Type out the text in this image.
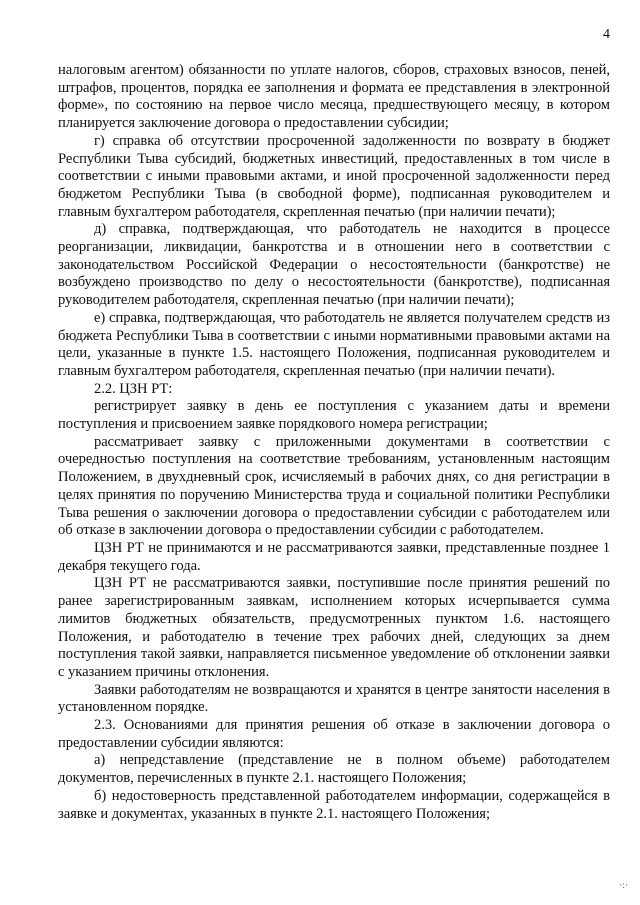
4

налоговым агентом) обязанности по уплате налогов, сборов, страховых взносов, пеней, штрафов, процентов, порядка ее заполнения и формата ее представления в электронной форме», по состоянию на первое число месяца, предшествующего месяцу, в котором планируется заключение договора о предоставлении субсидии;

г) справка об отсутствии просроченной задолженности по возврату в бюджет Республики Тыва субсидий, бюджетных инвестиций, предоставленных в том числе в соответствии с иными правовыми актами, и иной просроченной задолженности перед бюджетом Республики Тыва (в свободной форме), подписанная руководителем и главным бухгалтером работодателя, скрепленная печатью (при наличии печати);

д) справка, подтверждающая, что работодатель не находится в процессе реорганизации, ликвидации, банкротства и в отношении него в соответствии с законодательством Российской Федерации о несостоятельности (банкротстве) не возбуждено производство по делу о несостоятельности (банкротстве), подписанная руководителем работодателя, скрепленная печатью (при наличии печати);

е) справка, подтверждающая, что работодатель не является получателем средств из бюджета Республики Тыва в соответствии с иными нормативными правовыми актами на цели, указанные в пункте 1.5. настоящего Положения, подписанная руководителем и главным бухгалтером работодателя, скрепленная печатью (при наличии печати).

2.2. ЦЗН РТ:

регистрирует заявку в день ее поступления с указанием даты и времени поступления и присвоением заявке порядкового номера регистрации;

рассматривает заявку с приложенными документами в соответствии с очередностью поступления на соответствие требованиям, установленным настоящим Положением, в двухдневный срок, исчисляемый в рабочих днях, со дня регистрации в целях принятия по поручению Министерства труда и социальной политики Республики Тыва решения о заключении договора о предоставлении субсидии с работодателем или об отказе в заключении договора о предоставлении субсидии с работодателем.

ЦЗН РТ не принимаются и не рассматриваются заявки, представленные позднее 1 декабря текущего года.

ЦЗН РТ не рассматриваются заявки, поступившие после принятия решений по ранее зарегистрированным заявкам, исполнением которых исчерпывается сумма лимитов бюджетных обязательств, предусмотренных пунктом 1.6. настоящего Положения, и работодателю в течение трех рабочих дней, следующих за днем поступления такой заявки, направляется письменное уведомление об отклонении заявки с указанием причины отклонения.

Заявки работодателям не возвращаются и хранятся в центре занятости населения в установленном порядке.

2.3. Основаниями для принятия решения об отказе в заключении договора о предоставлении субсидии являются:

а) непредставление (представление не в полном объеме) работодателем документов, перечисленных в пункте 2.1. настоящего Положения;

б) недостоверность представленной работодателем информации, содержащейся в заявке и документах, указанных в пункте 2.1. настоящего Положения;

·:·
